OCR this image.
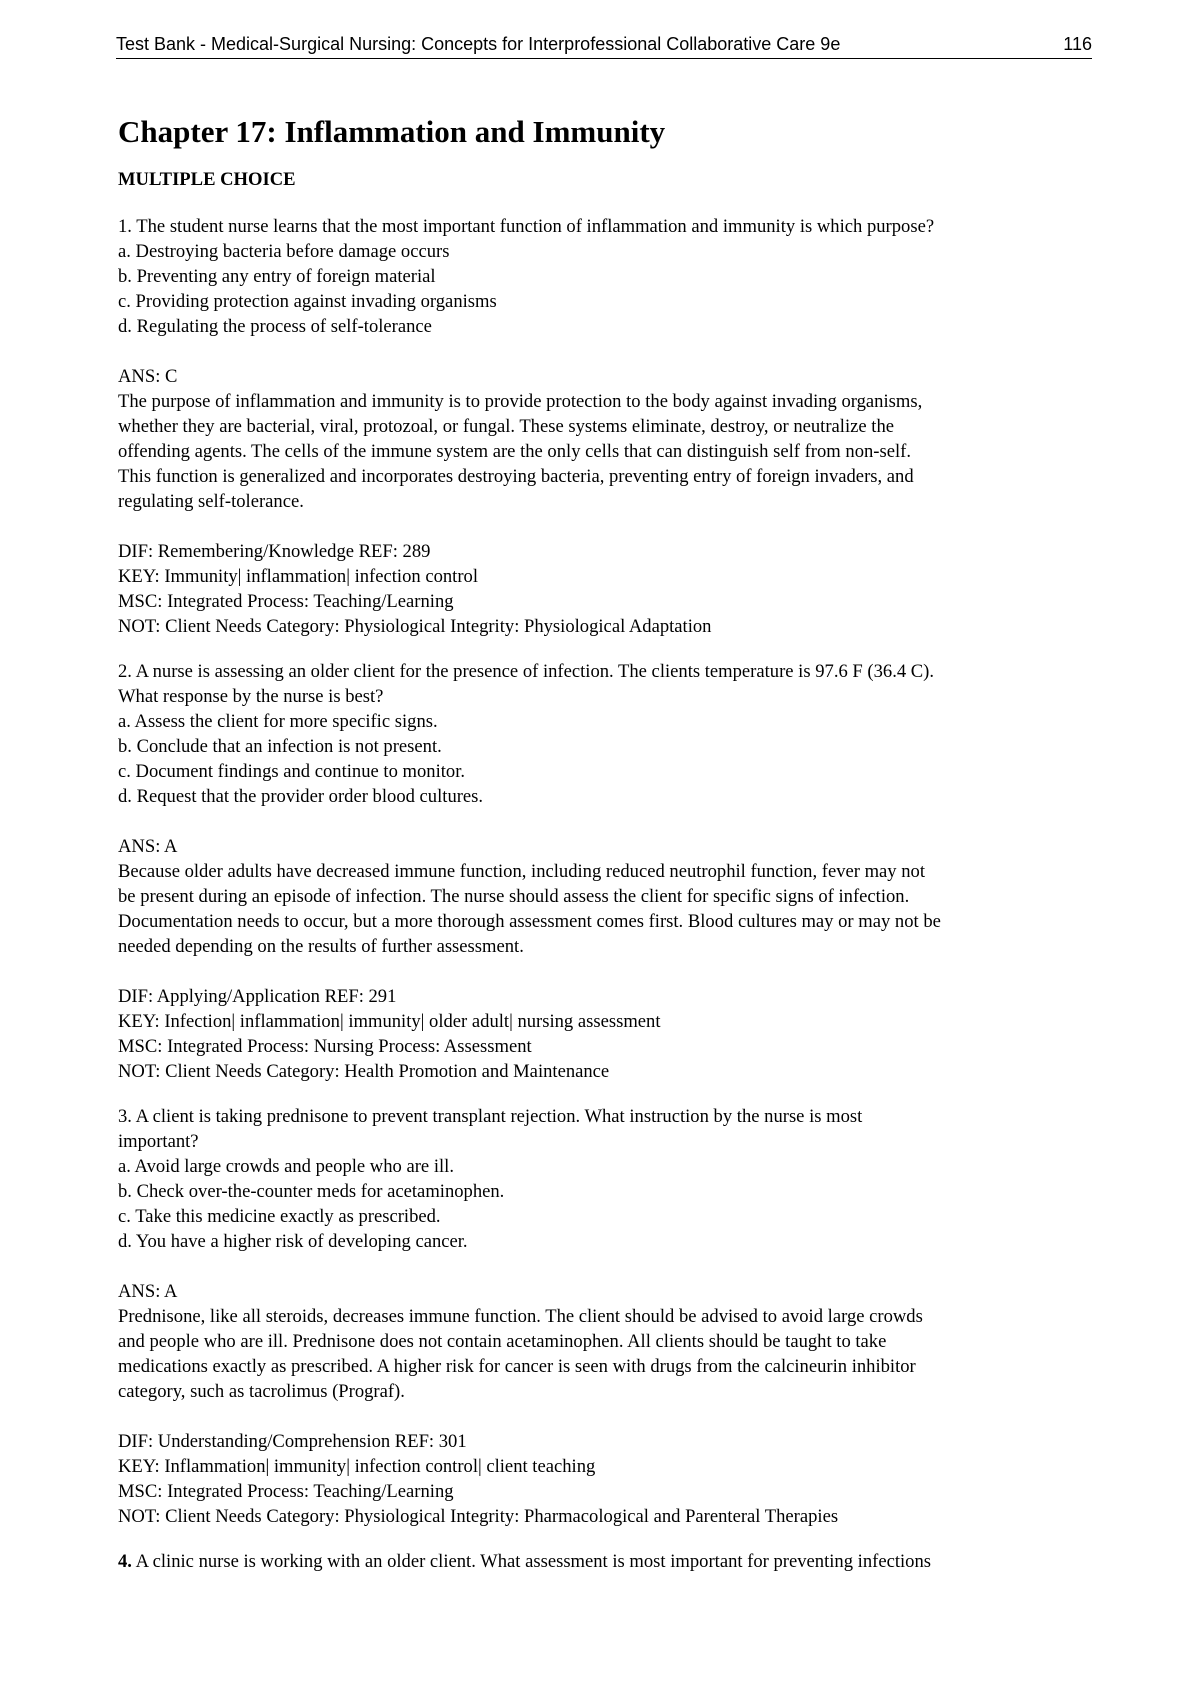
Test Bank - Medical-Surgical Nursing: Concepts for Interprofessional Collaborative Care 9e	116
Chapter 17: Inflammation and Immunity
MULTIPLE CHOICE
1. The student nurse learns that the most important function of inflammation and immunity is which purpose?
a. Destroying bacteria before damage occurs
b. Preventing any entry of foreign material
c. Providing protection against invading organisms
d. Regulating the process of self-tolerance
ANS: C
The purpose of inflammation and immunity is to provide protection to the body against invading organisms,
whether they are bacterial, viral, protozoal, or fungal. These systems eliminate, destroy, or neutralize the
offending agents. The cells of the immune system are the only cells that can distinguish self from non-self.
This function is generalized and incorporates destroying bacteria, preventing entry of foreign invaders, and
regulating self-tolerance.
DIF: Remembering/Knowledge REF: 289
KEY: Immunity| inflammation| infection control
MSC: Integrated Process: Teaching/Learning
NOT: Client Needs Category: Physiological Integrity: Physiological Adaptation
2. A nurse is assessing an older client for the presence of infection. The clients temperature is 97.6 F (36.4 C).
What response by the nurse is best?
a. Assess the client for more specific signs.
b. Conclude that an infection is not present.
c. Document findings and continue to monitor.
d. Request that the provider order blood cultures.
ANS: A
Because older adults have decreased immune function, including reduced neutrophil function, fever may not
be present during an episode of infection. The nurse should assess the client for specific signs of infection.
Documentation needs to occur, but a more thorough assessment comes first. Blood cultures may or may not be
needed depending on the results of further assessment.
DIF: Applying/Application REF: 291
KEY: Infection| inflammation| immunity| older adult| nursing assessment
MSC: Integrated Process: Nursing Process: Assessment
NOT: Client Needs Category: Health Promotion and Maintenance
3. A client is taking prednisone to prevent transplant rejection. What instruction by the nurse is most
important?
a. Avoid large crowds and people who are ill.
b. Check over-the-counter meds for acetaminophen.
c. Take this medicine exactly as prescribed.
d. You have a higher risk of developing cancer.
ANS: A
Prednisone, like all steroids, decreases immune function. The client should be advised to avoid large crowds
and people who are ill. Prednisone does not contain acetaminophen. All clients should be taught to take
medications exactly as prescribed. A higher risk for cancer is seen with drugs from the calcineurin inhibitor
category, such as tacrolimus (Prograf).
DIF: Understanding/Comprehension REF: 301
KEY: Inflammation| immunity| infection control| client teaching
MSC: Integrated Process: Teaching/Learning
NOT: Client Needs Category: Physiological Integrity: Pharmacological and Parenteral Therapies
4. A clinic nurse is working with an older client. What assessment is most important for preventing infections
